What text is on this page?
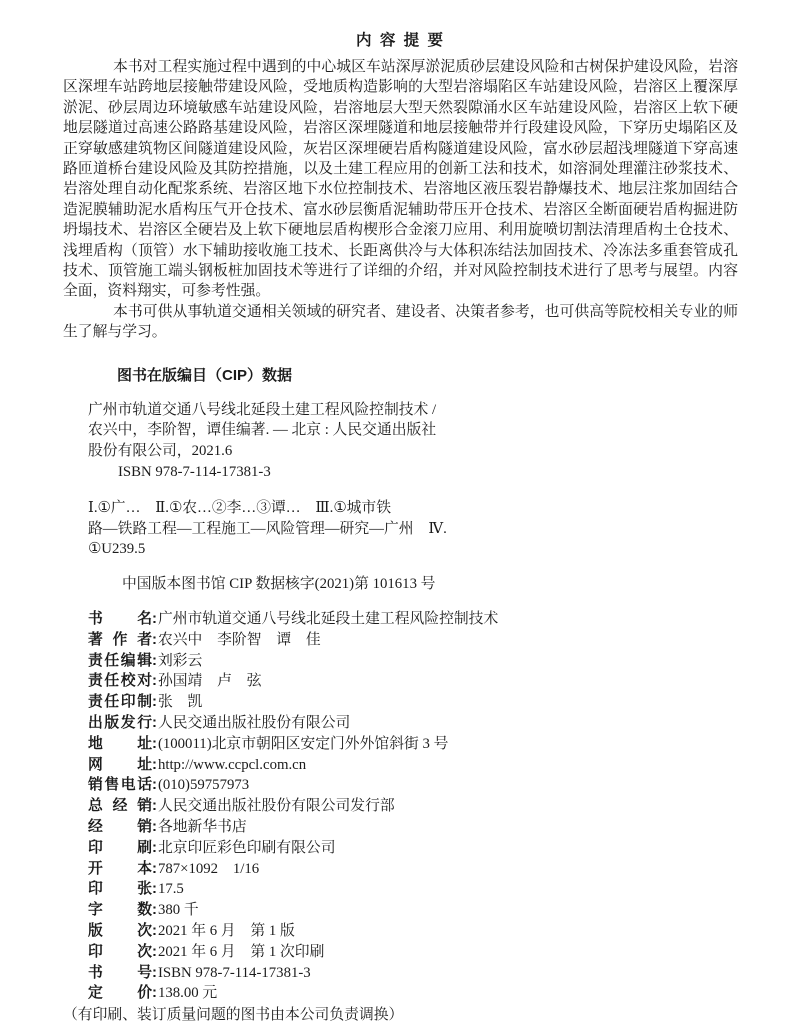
内 容 提 要

本书对工程实施过程中遇到的中心城区车站深厚淤泥质砂层建设风险和古树保护建设风险，岩溶区深埋车站跨地层接触带建设风险，受地质构造影响的大型岩溶塌陷区车站建设风险，岩溶区上覆深厚淤泥、砂层周边环境敏感车站建设风险，岩溶地层大型天然裂隙涌水区车站建设风险，岩溶区上软下硬地层隧道过高速公路路基建设风险，岩溶区深埋隧道和地层接触带并行段建设风险，下穿历史塌陷区及正穿敏感建筑物区间隧道建设风险，灰岩区深埋硬岩盾构隧道建设风险，富水砂层超浅埋隧道下穿高速路匝道桥台建设风险及其防控措施，以及土建工程应用的创新工法和技术，如溶洞处理灌注砂浆技术、岩溶处理自动化配浆系统、岩溶区地下水位控制技术、岩溶地区液压裂岩静爆技术、地层注浆加固结合造泥膜辅助泥水盾构压气开仓技术、富水砂层衡盾泥辅助带压开仓技术、岩溶区全断面硬岩盾构掘进防坍塌技术、岩溶区全硬岩及上软下硬地层盾构楔形合金滚刀应用、利用旋喷切割法清理盾构土仓技术、浅埋盾构（顶管）水下辅助接收施工技术、长距离供冷与大体积冻结法加固技术、冷冻法多重套管成孔技术、顶管施工端头钢板桩加固技术等进行了详细的介绍，并对风险控制技术进行了思考与展望。内容全面，资料翔实，可参考性强。

本书可供从事轨道交通相关领域的研究者、建设者、决策者参考，也可供高等院校相关专业的师生了解与学习。

图书在版编目（CIP）数据
广州市轨道交通八号线北延段土建工程风险控制技术 /
农兴中，李阶智，谭佳编著. — 北京 : 人民交通出版社
股份有限公司，2021.6
ISBN 978-7-114-17381-3
Ⅰ.①广…　Ⅱ.①农…②李…③谭…　Ⅲ.①城市铁
路—铁路工程—工程施工—风险管理—研究—广州　Ⅳ.
①U239.5
中国版本图书馆 CIP 数据核字(2021)第 101613 号
书名:广州市轨道交通八号线北延段土建工程风险控制技术
著作者:农兴中　李阶智　谭　佳
责任编辑:刘彩云
责任校对:孙国靖　卢　弦
责任印制:张　凯
出版发行:人民交通出版社股份有限公司
地址:(100011)北京市朝阳区安定门外外馆斜街 3 号
网址:http://www.ccpcl.com.cn
销售电话:(010)59757973
总经销:人民交通出版社股份有限公司发行部
经销:各地新华书店
印刷:北京印匠彩色印刷有限公司
开本:787×1092　1/16
印张:17.5
字数:380 千
版次:2021 年 6 月　第 1 版
印次:2021 年 6 月　第 1 次印刷
书号:ISBN 978-7-114-17381-3
定价:138.00 元
（有印刷、装订质量问题的图书由本公司负责调换）
